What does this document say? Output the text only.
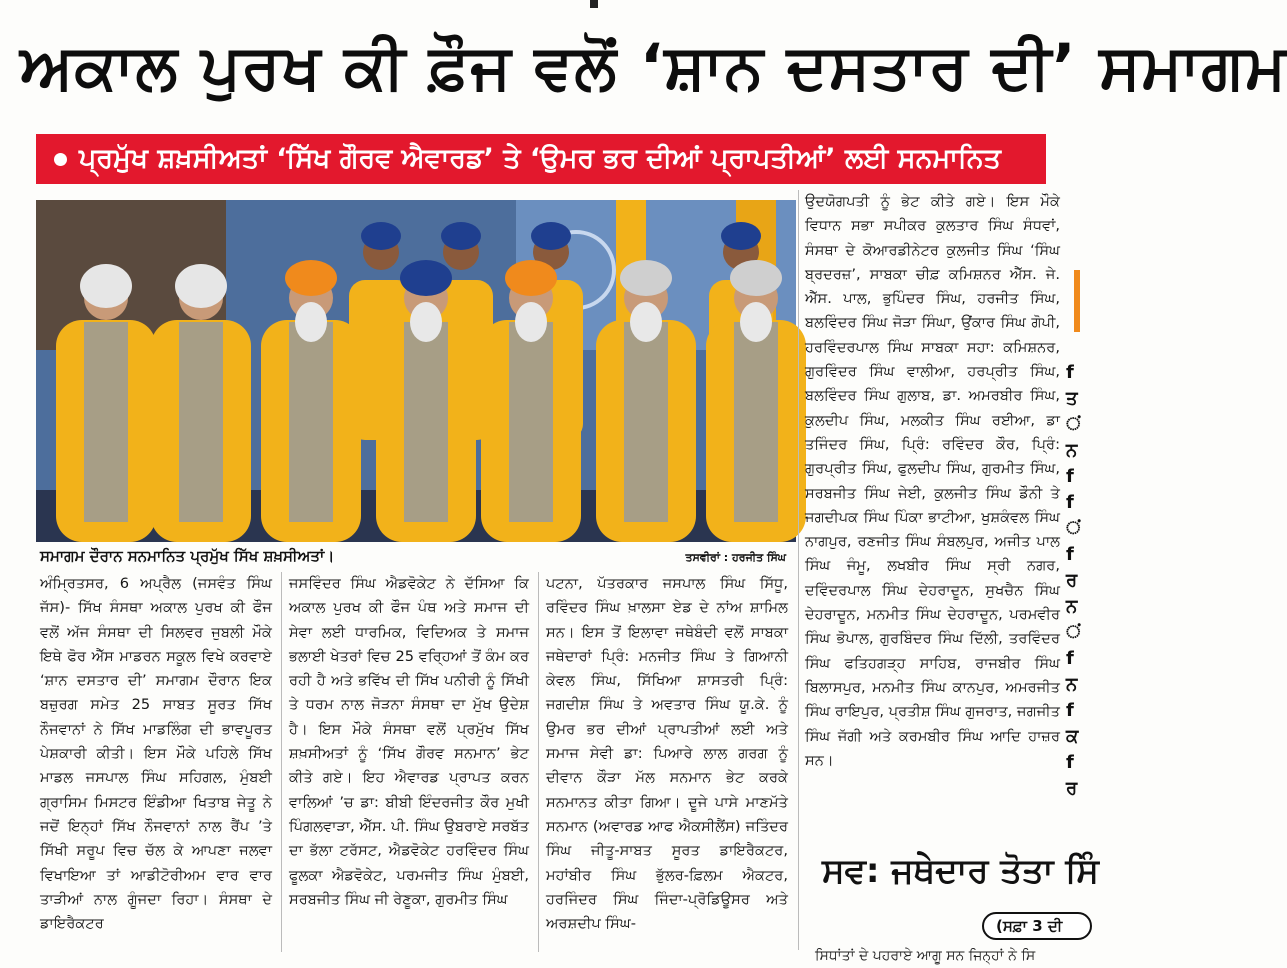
ਅਕਾਲ ਪੁਰਖ ਕੀ ਫ਼ੌਜ ਵਲੋਂ ‘ਸ਼ਾਨ ਦਸਤਾਰ ਦੀ’ ਸਮਾਗਮ
ਪ੍ਰਮੁੱਖ ਸ਼ਖ਼ਸੀਅਤਾਂ ‘ਸਿੱਖ ਗੌਰਵ ਐਵਾਰਡ’ ਤੇ ‘ਉਮਰ ਭਰ ਦੀਆਂ ਪ੍ਰਾਪਤੀਆਂ’ ਲਈ ਸਨਮਾਨਿਤ
ਸਮਾਗਮ ਦੌਰਾਨ ਸਨਮਾਨਿਤ ਪ੍ਰਮੁੱਖ ਸਿੱਖ ਸ਼ਖ਼ਸੀਅਤਾਂ।	ਤਸਵੀਰਾਂ : ਹਰਜੀਤ ਸਿੰਘ
ਅੰਮ੍ਰਿਤਸਰ, 6 ਅਪ੍ਰੈਲ (ਜਸਵੰਤ ਸਿੰਘ ਜੱਸ)- ਸਿੱਖ ਸੰਸਥਾ ਅਕਾਲ ਪੁਰਖ ਕੀ ਫੌਜ ਵਲੋਂ ਅੱਜ ਸੰਸਥਾ ਦੀ ਸਿਲਵਰ ਜੁਬਲੀ ਮੌਕੇ ਇਥੇ ਫੋਰ ਐੱਸ ਮਾਡਰਨ ਸਕੂਲ ਵਿਖੇ ਕਰਵਾਏ ‘ਸ਼ਾਨ ਦਸਤਾਰ ਦੀ’ ਸਮਾਗਮ ਦੌਰਾਨ ਇਕ ਬਜ਼ੁਰਗ ਸਮੇਤ 25 ਸਾਬਤ ਸੂਰਤ ਸਿੱਖ ਨੌਜਵਾਨਾਂ ਨੇ ਸਿੱਖ ਮਾਡਲਿੰਗ ਦੀ ਭਾਵਪੂਰਤ ਪੇਸ਼ਕਾਰੀ ਕੀਤੀ। ਇਸ ਮੌਕੇ ਪਹਿਲੇ ਸਿੱਖ ਮਾਡਲ ਜਸਪਾਲ ਸਿੰਘ ਸਹਿਗਲ, ਮੁੰਬਈ ਗ੍ਰਾਸਿਮ ਮਿਸਟਰ ਇੰਡੀਆ ਖਿਤਾਬ ਜੇਤੂ ਨੇ ਜਦੋਂ ਇਨ੍ਹਾਂ ਸਿੱਖ ਨੌਜਵਾਨਾਂ ਨਾਲ ਰੈਂਪ ’ਤੇ ਸਿੱਖੀ ਸਰੂਪ ਵਿਚ ਚੱਲ ਕੇ ਆਪਣਾ ਜਲਵਾ ਵਿਖਾਇਆ ਤਾਂ ਆਡੀਟੋਰੀਅਮ ਵਾਰ ਵਾਰ ਤਾੜੀਆਂ ਨਾਲ ਗੂੰਜਦਾ ਰਿਹਾ। ਸੰਸਥਾ ਦੇ ਡਾਇਰੈਕਟਰ
ਜਸਵਿੰਦਰ ਸਿੰਘ ਐਡਵੋਕੇਟ ਨੇ ਦੱਸਿਆ ਕਿ ਅਕਾਲ ਪੁਰਖ ਕੀ ਫੌਜ ਪੰਥ ਅਤੇ ਸਮਾਜ ਦੀ ਸੇਵਾ ਲਈ ਧਾਰਮਿਕ, ਵਿਦਿਅਕ ਤੇ ਸਮਾਜ ਭਲਾਈ ਖੇਤਰਾਂ ਵਿਚ 25 ਵਰ੍ਹਿਆਂ ਤੋਂ ਕੰਮ ਕਰ ਰਹੀ ਹੈ ਅਤੇ ਭਵਿੱਖ ਦੀ ਸਿੱਖ ਪਨੀਰੀ ਨੂੰ ਸਿੱਖੀ ਤੇ ਧਰਮ ਨਾਲ ਜੋੜਨਾ ਸੰਸਥਾ ਦਾ ਮੁੱਖ ਉਦੇਸ਼ ਹੈ। ਇਸ ਮੌਕੇ ਸੰਸਥਾ ਵਲੋਂ ਪ੍ਰਮੁੱਖ ਸਿੱਖ ਸ਼ਖ਼ਸੀਅਤਾਂ ਨੂੰ ‘ਸਿੱਖ ਗੌਰਵ ਸਨਮਾਨ’ ਭੇਟ ਕੀਤੇ ਗਏ। ਇਹ ਐਵਾਰਡ ਪ੍ਰਾਪਤ ਕਰਨ ਵਾਲਿਆਂ ’ਚ ਡਾ: ਬੀਬੀ ਇੰਦਰਜੀਤ ਕੌਰ ਮੁਖੀ ਪਿੰਗਲਵਾੜਾ, ਐੱਸ. ਪੀ. ਸਿੰਘ ਉਬਰਾਏ ਸਰਬੱਤ ਦਾ ਭੱਲਾ ਟਰੱਸਟ, ਐਡਵੋਕੇਟ ਹਰਵਿੰਦਰ ਸਿੰਘ ਫੂਲਕਾ ਐਡਵੋਕੇਟ, ਪਰਮਜੀਤ ਸਿੰਘ ਮੁੰਬਈ, ਸਰਬਜੀਤ ਸਿੰਘ ਜੀ ਰੇਣੂਕਾ, ਗੁਰਮੀਤ ਸਿੰਘ
ਪਟਨਾ, ਪੱਤਰਕਾਰ ਜਸਪਾਲ ਸਿੰਘ ਸਿੱਧੂ, ਰਵਿੰਦਰ ਸਿੰਘ ਖ਼ਾਲਸਾ ਏਡ ਦੇ ਨਾਂਅ ਸ਼ਾਮਿਲ ਸਨ। ਇਸ ਤੋਂ ਇਲਾਵਾ ਜਥੇਬੰਦੀ ਵਲੋਂ ਸਾਬਕਾ ਜਥੇਦਾਰਾਂ ਪ੍ਰਿੰ: ਮਨਜੀਤ ਸਿੰਘ ਤੇ ਗਿਆਨੀ ਕੇਵਲ ਸਿੰਘ, ਸਿੱਖਿਆ ਸ਼ਾਸਤਰੀ ਪ੍ਰਿੰ: ਜਗਦੀਸ਼ ਸਿੰਘ ਤੇ ਅਵਤਾਰ ਸਿੰਘ ਯੂ.ਕੇ. ਨੂੰ ਉਮਰ ਭਰ ਦੀਆਂ ਪ੍ਰਾਪਤੀਆਂ ਲਈ ਅਤੇ ਸਮਾਜ ਸੇਵੀ ਡਾ: ਪਿਆਰੇ ਲਾਲ ਗਰਗ ਨੂੰ ਦੀਵਾਨ ਕੌੜਾ ਮੱਲ ਸਨਮਾਨ ਭੇਟ ਕਰਕੇ ਸਨਮਾਨਤ ਕੀਤਾ ਗਿਆ। ਦੂਜੇ ਪਾਸੇ ਮਾਣਮੱਤੇ ਸਨਮਾਨ (ਅਵਾਰਡ ਆਫ ਐਕਸੀਲੈਂਸ) ਜਤਿੰਦਰ ਸਿੰਘ ਜੀਤੂ-ਸਾਬਤ ਸੂਰਤ ਡਾਇਰੈਕਟਰ, ਮਹਾਂਬੀਰ ਸਿੰਘ ਭੁੱਲਰ-ਫ਼ਿਲਮ ਐਕਟਰ, ਹਰਜਿੰਦਰ ਸਿੰਘ ਜਿੰਦਾ-ਪ੍ਰੋਡਿਊਸਰ ਅਤੇ ਅਰਸ਼ਦੀਪ ਸਿੰਘ-
ਉਦਯੋਗਪਤੀ ਨੂੰ ਭੇਟ ਕੀਤੇ ਗਏ। ਇਸ ਮੌਕੇ ਵਿਧਾਨ ਸਭਾ ਸਪੀਕਰ ਕੁਲਤਾਰ ਸਿੰਘ ਸੰਧਵਾਂ, ਸੰਸਥਾ ਦੇ ਕੋਆਰਡੀਨੇਟਰ ਕੁਲਜੀਤ ਸਿੰਘ ‘ਸਿੰਘ ਬ੍ਰਦਰਜ਼’, ਸਾਬਕਾ ਚੀਫ਼ ਕਮਿਸ਼ਨਰ ਐੱਸ. ਜੇ. ਐੱਸ. ਪਾਲ, ਭੁਪਿੰਦਰ ਸਿੰਘ, ਹਰਜੀਤ ਸਿੰਘ, ਬਲਵਿੰਦਰ ਸਿੰਘ ਜੋੜਾ ਸਿੰਘਾ, ਉਂਕਾਰ ਸਿੰਘ ਗੋਪੀ, ਹਰਵਿੰਦਰਪਾਲ ਸਿੰਘ ਸਾਬਕਾ ਸਹਾ: ਕਮਿਸ਼ਨਰ, ਗੁਰਵਿੰਦਰ ਸਿੰਘ ਵਾਲੀਆ, ਹਰਪ੍ਰੀਤ ਸਿੰਘ, ਬਲਵਿੰਦਰ ਸਿੰਘ ਗੁਲਾਬ, ਡਾ. ਅਮਰਬੀਰ ਸਿੰਘ, ਕੁਲਦੀਪ ਸਿੰਘ, ਮਲਕੀਤ ਸਿੰਘ ਰਈਆ, ਡਾ ਤਜਿੰਦਰ ਸਿੰਘ, ਪ੍ਰਿੰ: ਰਵਿੰਦਰ ਕੌਰ, ਪ੍ਰਿੰ: ਗੁਰਪ੍ਰੀਤ ਸਿੰਘ, ਫੁਲਦੀਪ ਸਿੰਘ, ਗੁਰਮੀਤ ਸਿੰਘ, ਸਰਬਜੀਤ ਸਿੰਘ ਜੇਈ, ਕੁਲਜੀਤ ਸਿੰਘ ਡੌਨੀ ਤੇ ਜਗਦੀਪਕ ਸਿੰਘ ਪਿੰਕਾ ਭਾਟੀਆ, ਖੁਸ਼ਕੰਵਲ ਸਿੰਘ ਨਾਗਪੁਰ, ਰਣਜੀਤ ਸਿੰਘ ਸੰਬਲਪੁਰ, ਅਜੀਤ ਪਾਲ ਸਿੰਘ ਜੰਮੂ, ਲਖਬੀਰ ਸਿੰਘ ਸ੍ਰੀ ਨਗਰ, ਦਵਿੰਦਰਪਾਲ ਸਿੰਘ ਦੇਹਰਾਦੂਨ, ਸੁਖਚੈਨ ਸਿੰਘ ਦੇਹਰਾਦੂਨ, ਮਨਮੀਤ ਸਿੰਘ ਦੇਹਰਾਦੂਨ, ਪਰਮਵੀਰ ਸਿੰਘ ਭੋਪਾਲ, ਗੁਰਬਿੰਦਰ ਸਿੰਘ ਦਿੱਲੀ, ਤਰਵਿੰਦਰ ਸਿੰਘ ਫਤਿਹਗੜ੍ਹ ਸਾਹਿਬ, ਰਾਜਬੀਰ ਸਿੰਘ ਬਿਲਾਸਪੁਰ, ਮਨਮੀਤ ਸਿੰਘ ਕਾਨਪੁਰ, ਅਮਰਜੀਤ ਸਿੰਘ ਰਾਇਪੁਰ, ਪ੍ਰਤੀਸ਼ ਸਿੰਘ ਗੁਜਰਾਤ, ਜਗਜੀਤ ਸਿੰਘ ਜੱਗੀ ਅਤੇ ਕਰਮਬੀਰ ਸਿੰਘ ਆਦਿ ਹਾਜ਼ਰ ਸਨ।
ਸਵ: ਜਥੇਦਾਰ ਤੋਤਾ ਸਿੰ
(ਸਫ਼ਾ 3 ਦੀ
ਸਿਧਾਂਤਾਂ ਦੇ ਪਹਰਾਏ ਆਗੂ ਸਨ ਜਿਨ੍ਹਾਂ ਨੇ ਸਿ
f
ਤ
ਂ
ਨ
f
f
ਂ
f
ਰ
ਨ
ਂ
f
ਨ
f
ਕ
f
ਰ
